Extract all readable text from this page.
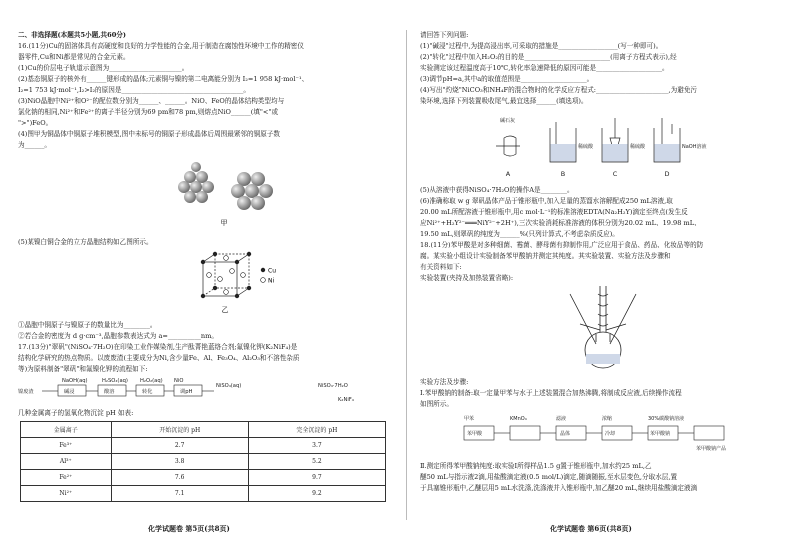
二、非选择题(本题共5小题,共60分)
16.(11分)Cu的固溶体具有高硬度和良好的力学性能的合金,用于制造在腐蚀性环境中工作的精密仪
器零件,Cu和Ni都是常见的合金元素。
(1)Cu的价层电子轨道示意图为______________________。
(2)基态铜原子的核外有______键形成的晶体;元素铜与镍的第二电离能分别为 I₂=1 958 kJ·mol⁻¹、
I₂=1 753 kJ·mol⁻¹,I₂>I₂的原因是_____________________________________。
(3)NiO晶胞中Ni²⁺和O²⁻的配位数分别为______、______。NiO、FeO的晶体结构类型均与
氯化钠的相同,Ni²⁺和Fe²⁺的离子半径分别为69 pm和78 pm,则熔点NiO______(填"<"或
">")FeO。
(4)图甲为铜晶体中铜原子堆积模型,图中未标号的铜原子形成晶体后周围最紧邻的铜原子数
为______。
甲
(5)某镍白铜合金的立方晶胞结构如乙图所示。
Cu
Ni
乙
①晶胞中铜原子与镍原子的数量比为________。
②若合金的密度为 d g·cm⁻³,晶胞参数表达式为 a=__________nm。
17.(13分)"翠矾"(NiSO₄·7H₂O)在印染工业作媒染剂,生产酞菁艳蓝络合剂;氟镍化钾(K₂NiF₄)是
结构化学研究的热点物质。以废废渣(主要成分为Ni,含少量Fe、Al、Fe₃O₄、Al₂O₃和不溶性杂质
等)为原料制备"翠矾"和氟镍化钾的流程如下:
镍废渣
NaOH(aq)	H₂SO₄(aq) H₂O₂(aq) NiO
碱浸	酸溶	转化	调pH
NiSO₄(aq)	NiSO₄·7H₂O
K₂NiF₄
几种金属离子的氢氧化物沉淀 pH 如表:
金属离子	开始沉淀的 pH	完全沉淀的 pH
Fe³⁺	2.7	3.7
Al³⁺	3.8	5.2
Fe²⁺	7.6	9.7
Ni²⁺	7.1	9.2
化学试题卷 第5页(共8页)
请回答下列问题:
(1)"碱浸"过程中,为提高浸出率,可采取的措施是__________________(写一种即可)。
(2)"转化"过程中加入H₂O₂的目的是__________________________(用离子方程式表示),经
实验测定该过程温度高于10℃,转化率急速降低的原因可能是____________________。
(3)调节pH=a,其中a的取值范围是____________________。
(4)写出"灼烧"NiCO₃和NH₄F的混合物时的化学反应方程式:______________________,为避免污
染环境,选择下列装置吸收尾气,最宜选择______(填选项)。
碱石灰
稀硫酸	稀硫酸	NaOH溶液
A	B	C	D
(5)从溶液中获得NiSO₄·7H₂O的操作A是________。
(6)准确称取 w g 翠矾晶体产品于锥形瓶中,加入足量的蒸馏水溶解配成250 mL溶液,取
20.00 mL所配溶液于锥形瓶中,用c mol·L⁻¹的标准溶液EDTA(Na₂H₂Y)滴定至终点(发生反
应Ni²⁺+H₂Y²⁻═══NiY²⁻+2H⁺),三次实验消耗标准溶液的体积分别为20.02 mL、19.98 mL、
19.50 mL,则翠矾的纯度为______%(只列计算式,不考虑杂质反应)。
18.(11分)苯甲酸是对多种细菌、霉菌、酵母菌有抑制作用,广泛应用于食品、药品、化妆品等的防
腐。某实验小组设计实验制备苯甲酸钠并测定其纯度。其实验装置、实验方法及步骤和
有关资料如下:
实验装置(夹持及加热装置省略):
实验方法及步骤:
Ⅰ.苯甲酸钠的制备:取一定量甲苯与水于上述装置混合加热沸腾,将制成反应液,后续操作流程
如图所示。
甲苯	KMnO₄	滤液	浓缩	30%碳酸钠溶液
苯甲酸	冷却	苯甲酸钠
晶体
苯甲酸钠产品
Ⅱ.测定所得苯甲酸钠纯度:取实验Ⅰ所得样品1.5 g置于锥形瓶中,加水约25 mL,乙
醚50 mL与指示液2滴,用盐酸滴定液(0.5 mol/L)滴定,随滴随振,至水层变色,分取水层,置
于具塞锥形瓶中,乙醚层用5 mL水洗涤,洗涤液并入锥形瓶中,加乙醚20 mL,继续用盐酸滴定液滴
化学试题卷 第6页(共8页)
